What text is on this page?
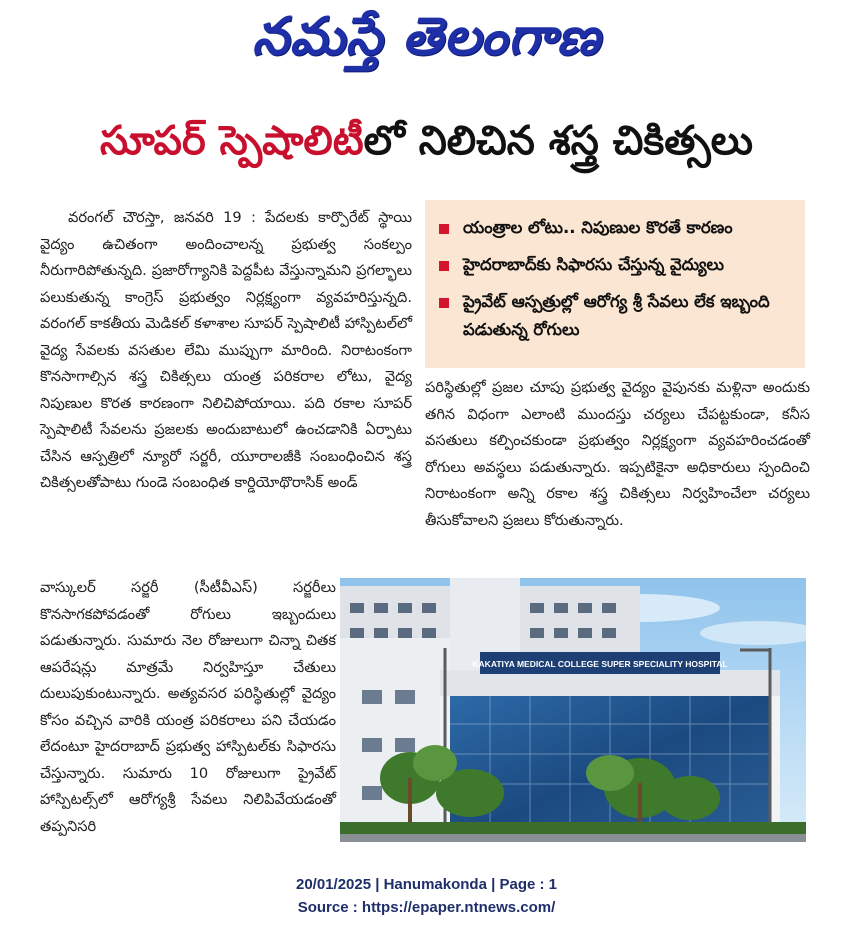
నమస్తే తెలంగాణ
సూపర్ స్పెషాలిటీలో నిలిచిన శస్త్ర చికిత్సలు

వరంగల్ చౌరస్తా, జనవరి 19 : పేదలకు కార్పొరేట్ స్థాయి వైద్యం ఉచితంగా అందించాలన్న ప్రభుత్వ సంకల్పం నీరుగారిపోతున్నది. ప్రజారోగ్యానికి పెద్దపీట వేస్తున్నామని ప్రగల్భాలు పలుకుతున్న కాంగ్రెస్ ప్రభుత్వం నిర్లక్ష్యంగా వ్యవహరిస్తున్నది. వరంగల్ కాకతీయ మెడికల్ కళాశాల సూపర్ స్పెషాలిటీ హాస్పిటల్‌లో వైద్య సేవలకు వసతుల లేమి ముప్పుగా మారింది. నిరాటంకంగా కొనసాగాల్సిన శస్త్ర చికిత్సలు యంత్ర పరికరాల లోటు, వైద్య నిపుణుల కొరత కారణంగా నిలిచిపోయాయి. పది రకాల సూపర్ స్పెషాలిటీ సేవలను ప్రజలకు అందుబాటులో ఉంచడానికి ఏర్పాటు చేసిన ఆస్పత్రిలో న్యూరో సర్జరీ, యూరాలజీకి సంబంధించిన శస్త్ర చికిత్సలతోపాటు గుండె సంబంధిత కార్డియోథొరాసిక్ అండ్

యంత్రాల లోటు.. నిపుణుల కొరతే కారణం
హైదరాబాద్‌కు సిఫారసు చేస్తున్న వైద్యులు
ప్రైవేట్ ఆస్పత్రుల్లో ఆరోగ్య శ్రీ సేవలు లేక ఇబ్బంది పడుతున్న రోగులు

పరిస్థితుల్లో ప్రజల చూపు ప్రభుత్వ వైద్యం వైపునకు మళ్లినా అందుకు తగిన విధంగా ఎలాంటి ముందస్తు చర్యలు చేపట్టకుండా, కనీస వసతులు కల్పించకుండా ప్రభుత్వం నిర్లక్ష్యంగా వ్యవహరించడంతో రోగులు అవస్థలు పడుతున్నారు. ఇప్పటికైనా అధికారులు స్పందించి నిరాటంకంగా అన్ని రకాల శస్త్ర చికిత్సలు నిర్వహించేలా చర్యలు తీసుకోవాలని ప్రజలు కోరుతున్నారు.

వాస్కులర్ సర్జరీ (సీటీవీఎస్) సర్జరీలు కొనసాగకపోవడంతో రోగులు ఇబ్బందులు పడుతున్నారు. సుమారు నెల రోజులుగా చిన్నా చితక ఆపరేషన్లు మాత్రమే నిర్వహిస్తూ చేతులు దులుపుకుంటున్నారు. అత్యవసర పరిస్థితుల్లో వైద్యం కోసం వచ్చిన వారికి యంత్ర పరికరాలు పని చేయడం లేదంటూ హైదరాబాద్ ప్రభుత్వ హాస్పిటల్‌కు సిఫారసు చేస్తున్నారు. సుమారు 10 రోజులుగా ప్రైవేట్ హాస్పిటల్స్‌లో ఆరోగ్యశ్రీ సేవలు నిలిపివేయడంతో తప్పనిసరి

KAKATIYA MEDICAL COLLEGE SUPER SPECIALITY HOSPITAL
20/01/2025 | Hanumakonda | Page : 1
Source : https://epaper.ntnews.com/
